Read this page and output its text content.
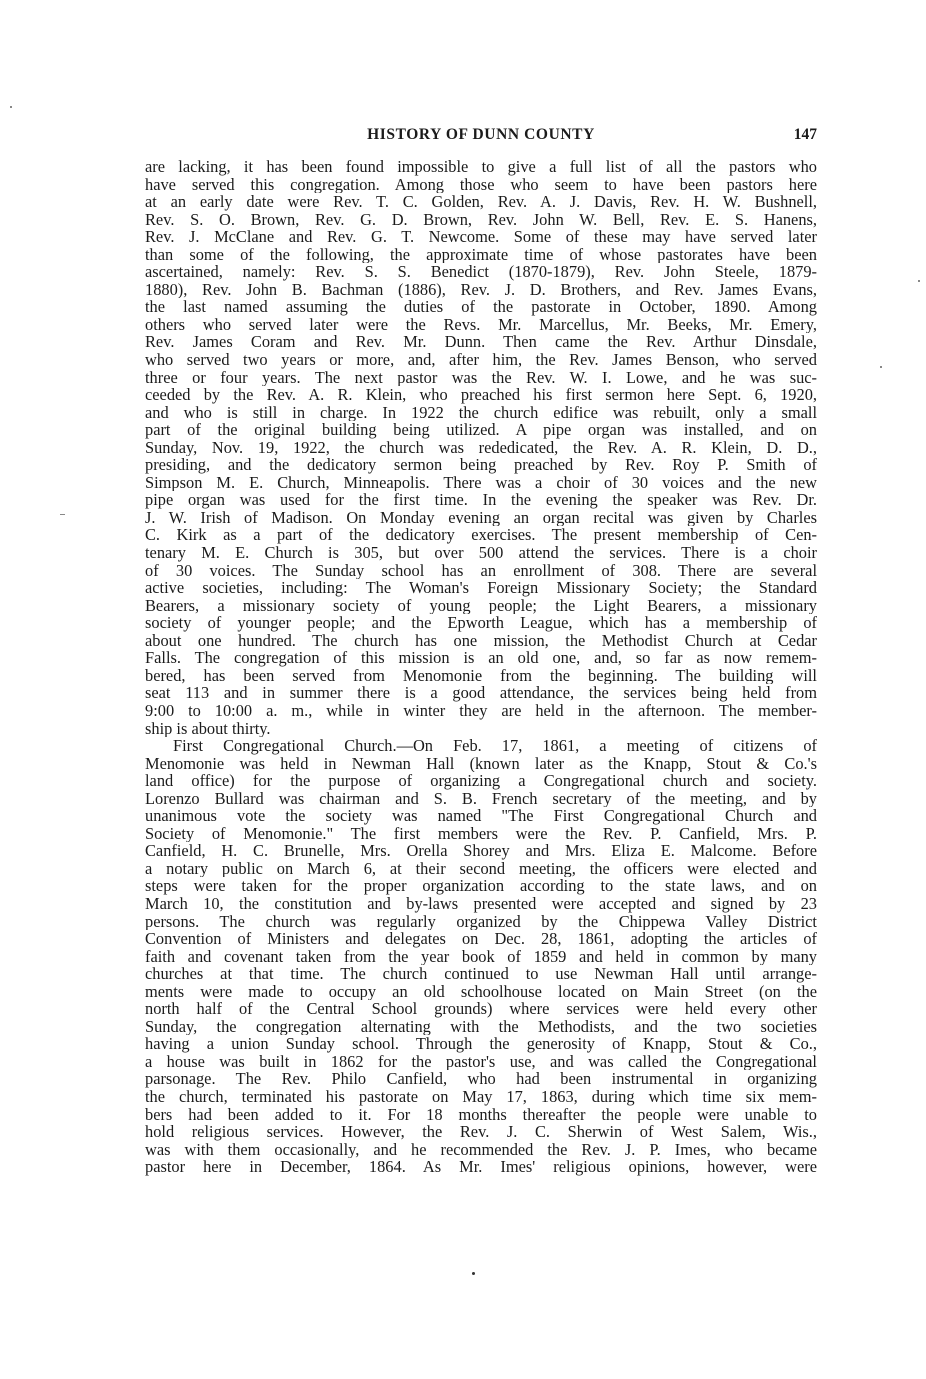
HISTORY OF DUNN COUNTY	147
are lacking, it has been found impossible to give a full list of all the pastors who
have served this congregation. Among those who seem to have been pastors here
at an early date were Rev. T. C. Golden, Rev. A. J. Davis, Rev. H. W. Bushnell,
Rev. S. O. Brown, Rev. G. D. Brown, Rev. John W. Bell, Rev. E. S. Hanens,
Rev. J. McClane and Rev. G. T. Newcome. Some of these may have served later
than some of the following, the approximate time of whose pastorates have been
ascertained, namely: Rev. S. S. Benedict (1870-1879), Rev. John Steele, 1879-
1880), Rev. John B. Bachman (1886), Rev. J. D. Brothers, and Rev. James Evans,
the last named assuming the duties of the pastorate in October, 1890. Among
others who served later were the Revs. Mr. Marcellus, Mr. Beeks, Mr. Emery,
Rev. James Coram and Rev. Mr. Dunn. Then came the Rev. Arthur Dinsdale,
who served two years or more, and, after him, the Rev. James Benson, who served
three or four years. The next pastor was the Rev. W. I. Lowe, and he was suc-
ceeded by the Rev. A. R. Klein, who preached his first sermon here Sept. 6, 1920,
and who is still in charge. In 1922 the church edifice was rebuilt, only a small
part of the original building being utilized. A pipe organ was installed, and on
Sunday, Nov. 19, 1922, the church was rededicated, the Rev. A. R. Klein, D. D.,
presiding, and the dedicatory sermon being preached by Rev. Roy P. Smith of
Simpson M. E. Church, Minneapolis. There was a choir of 30 voices and the new
pipe organ was used for the first time. In the evening the speaker was Rev. Dr.
J. W. Irish of Madison. On Monday evening an organ recital was given by Charles
C. Kirk as a part of the dedicatory exercises. The present membership of Cen-
tenary M. E. Church is 305, but over 500 attend the services. There is a choir
of 30 voices. The Sunday school has an enrollment of 308. There are several
active societies, including: The Woman's Foreign Missionary Society; the Standard
Bearers, a missionary society of young people; the Light Bearers, a missionary
society of younger people; and the Epworth League, which has a membership of
about one hundred. The church has one mission, the Methodist Church at Cedar
Falls. The congregation of this mission is an old one, and, so far as now remem-
bered, has been served from Menomonie from the beginning. The building will
seat 113 and in summer there is a good attendance, the services being held from
9:00 to 10:00 a. m., while in winter they are held in the afternoon. The member-
ship is about thirty.
First Congregational Church.—On Feb. 17, 1861, a meeting of citizens of
Menomonie was held in Newman Hall (known later as the Knapp, Stout & Co.'s
land office) for the purpose of organizing a Congregational church and society.
Lorenzo Bullard was chairman and S. B. French secretary of the meeting, and by
unanimous vote the society was named "The First Congregational Church and
Society of Menomonie." The first members were the Rev. P. Canfield, Mrs. P.
Canfield, H. C. Brunelle, Mrs. Orella Shorey and Mrs. Eliza E. Malcome. Before
a notary public on March 6, at their second meeting, the officers were elected and
steps were taken for the proper organization according to the state laws, and on
March 10, the constitution and by-laws presented were accepted and signed by 23
persons. The church was regularly organized by the Chippewa Valley District
Convention of Ministers and delegates on Dec. 28, 1861, adopting the articles of
faith and covenant taken from the year book of 1859 and held in common by many
churches at that time. The church continued to use Newman Hall until arrange-
ments were made to occupy an old schoolhouse located on Main Street (on the
north half of the Central School grounds) where services were held every other
Sunday, the congregation alternating with the Methodists, and the two societies
having a union Sunday school. Through the generosity of Knapp, Stout & Co.,
a house was built in 1862 for the pastor's use, and was called the Congregational
parsonage. The Rev. Philo Canfield, who had been instrumental in organizing
the church, terminated his pastorate on May 17, 1863, during which time six mem-
bers had been added to it. For 18 months thereafter the people were unable to
hold religious services. However, the Rev. J. C. Sherwin of West Salem, Wis.,
was with them occasionally, and he recommended the Rev. J. P. Imes, who became
pastor here in December, 1864. As Mr. Imes' religious opinions, however, were
